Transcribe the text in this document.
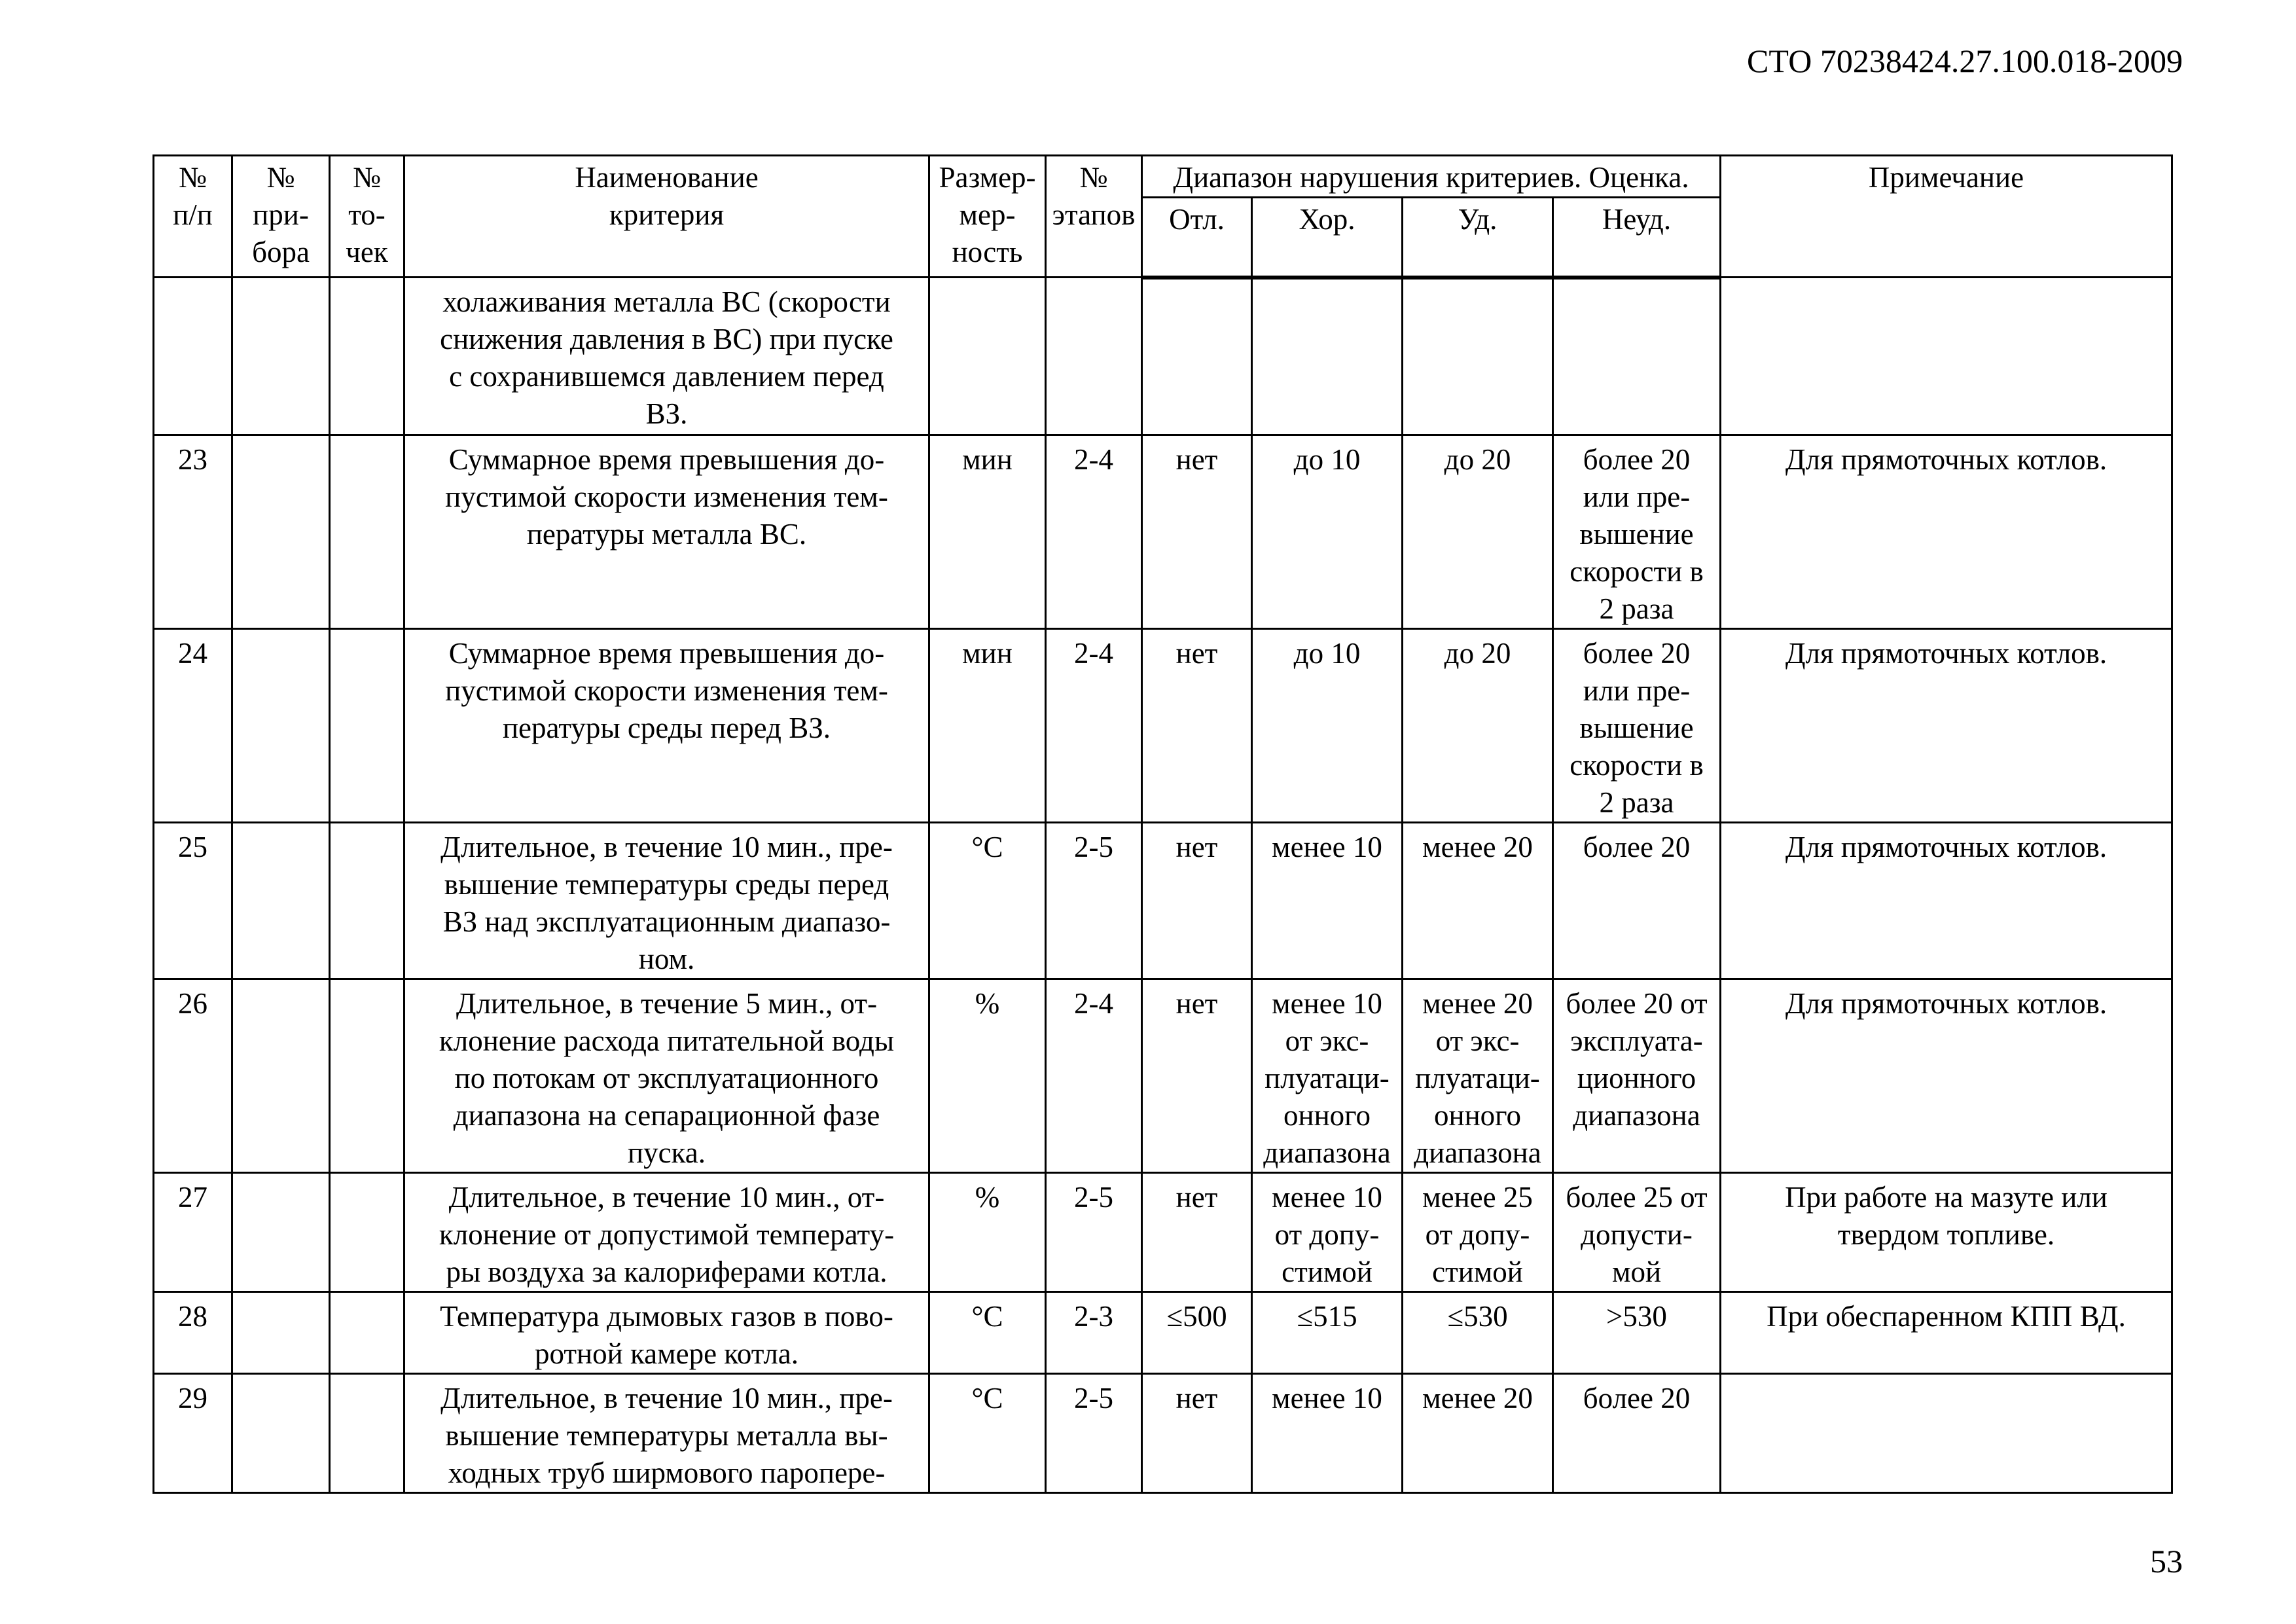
СТО 70238424.27.100.018-2009
№
п/п	№
при-
бора	№
то-
чек	Наименование
критерия	Размер-
мер-
ность	№
этапов	Диапазон нарушения критериев. Оценка.				Примечание

						Отл.	Хор.	Уд.	Неуд.	

			холаживания металла ВС (скорости
снижения давления в ВС) при пуске
с сохранившемся давлением перед
ВЗ.							

23			Суммарное время превышения до-
пустимой скорости изменения тем-
пературы металла ВС.	мин	2-4	нет	до 10	до 20	более 20
или пре-
вышение
скорости в
2 раза	Для прямоточных котлов.

24			Суммарное время превышения до-
пустимой скорости изменения тем-
пературы среды перед ВЗ.	мин	2-4	нет	до 10	до 20	более 20
или пре-
вышение
скорости в
2 раза	Для прямоточных котлов.

25			Длительное, в течение 10 мин., пре-
вышение температуры среды перед
ВЗ над эксплуатационным диапазо-
ном.	°С	2-5	нет	менее 10	менее 20	более 20	Для прямоточных котлов.

26			Длительное, в течение 5 мин., от-
клонение расхода питательной воды
по потокам от эксплуатационного
диапазона на сепарационной фазе
пуска.	%	2-4	нет	менее 10
от экс-
плуатаци-
онного
диапазона	менее 20
от экс-
плуатаци-
онного
диапазона	более 20 от
эксплуата-
ционного
диапазона	Для прямоточных котлов.

27			Длительное, в течение 10 мин., от-
клонение от допустимой температу-
ры воздуха за калориферами котла.	%	2-5	нет	менее 10
от допу-
стимой	менее 25
от допу-
стимой	более 25 от
допусти-
мой	При работе на мазуте или
твердом топливе.

28			Температура дымовых газов в пово-
ротной камере котла.	°С	2-3	≤500	≤515	≤530	>530	При обеспаренном КПП ВД.

29			Длительное, в течение 10 мин., пре-
вышение температуры металла вы-
ходных труб ширмового паропере-	°С	2-5	нет	менее 10	менее 20	более 20	

53
